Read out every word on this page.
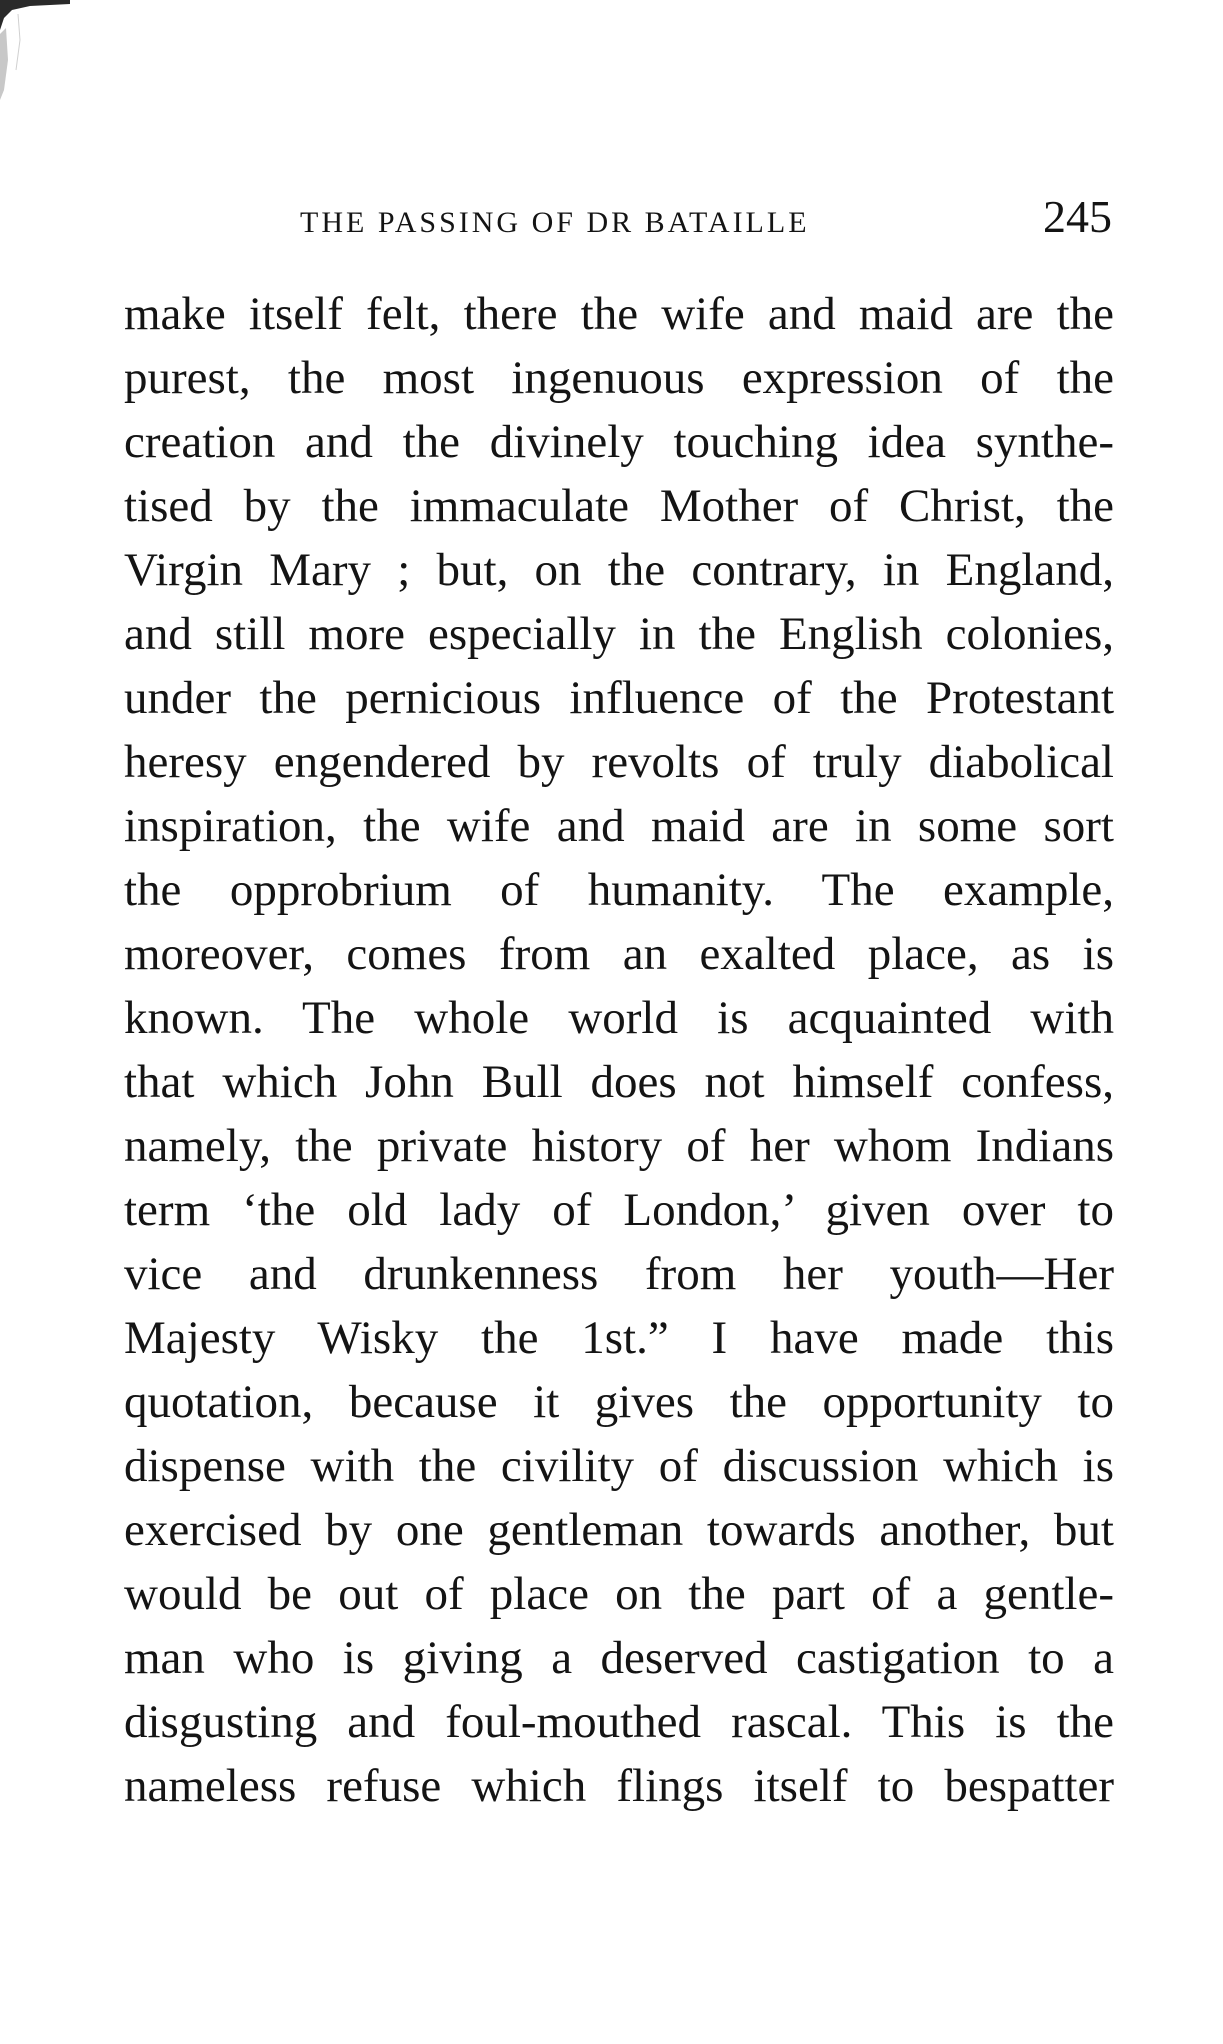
THE PASSING OF DR BATAILLE	245
make itself felt, there the wife and maid are the
purest, the most ingenuous expression of the
creation and the divinely touching idea synthe-
tised by the immaculate Mother of Christ, the
Virgin Mary ; but, on the contrary, in England,
and still more especially in the English colonies,
under the pernicious influence of the Protestant
heresy engendered by revolts of truly diabolical
inspiration, the wife and maid are in some sort
the opprobrium of humanity. The example,
moreover, comes from an exalted place, as is
known. The whole world is acquainted with
that which John Bull does not himself confess,
namely, the private history of her whom Indians
term ‘the old lady of London,’ given over to
vice and drunkenness from her youth—Her
Majesty Wisky the 1st.” I have made this
quotation, because it gives the opportunity to
dispense with the civility of discussion which is
exercised by one gentleman towards another, but
would be out of place on the part of a gentle-
man who is giving a deserved castigation to a
disgusting and foul-mouthed rascal. This is the
nameless refuse which flings itself to bespatter
